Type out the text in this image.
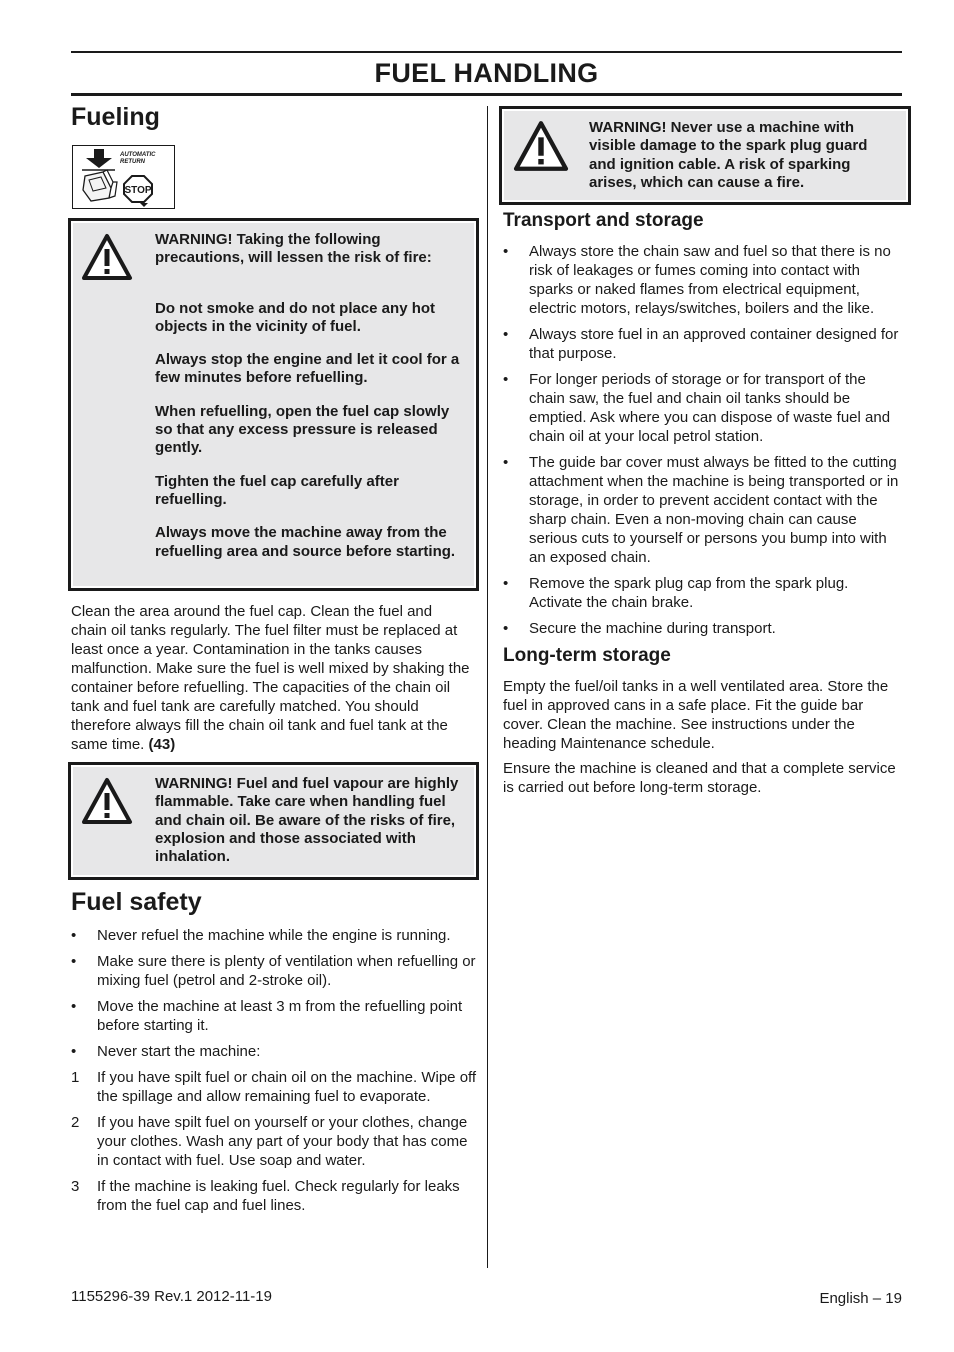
FUEL HANDLING
Fueling
STOP
AUTOMATIC
RETURN

WARNING! Taking the following precautions, will lessen the risk of fire:

Do not smoke and do not place any hot objects in the vicinity of fuel.

Always stop the engine and let it cool for a few minutes before refuelling.

When refuelling, open the fuel cap slowly so that any excess pressure is released gently.

Tighten the fuel cap carefully after refuelling.

Always move the machine away from the refuelling area and source before starting.

Clean the area around the fuel cap. Clean the fuel and chain oil tanks regularly. The fuel filter must be replaced at least once a year. Contamination in the tanks causes malfunction. Make sure the fuel is well mixed by shaking the container before refuelling. The capacities of the chain oil tank and fuel tank are carefully matched. You should therefore always fill the chain oil tank and fuel tank at the same time. (43)

WARNING! Fuel and fuel vapour are highly flammable. Take care when handling fuel and chain oil. Be aware of the risks of fire, explosion and those associated with inhalation.

Fuel safety
• Never refuel the machine while the engine is running.
• Make sure there is plenty of ventilation when refuelling or mixing fuel (petrol and 2-stroke oil).
• Move the machine at least 3 m from the refuelling point before starting it.
• Never start the machine:
1 If you have spilt fuel or chain oil on the machine. Wipe off the spillage and allow remaining fuel to evaporate.
2 If you have spilt fuel on yourself or your clothes, change your clothes. Wash any part of your body that has come in contact with fuel. Use soap and water.
3 If the machine is leaking fuel. Check regularly for leaks from the fuel cap and fuel lines.

WARNING! Never use a machine with visible damage to the spark plug guard and ignition cable. A risk of sparking arises, which can cause a fire.

Transport and storage
• Always store the chain saw and fuel so that there is no risk of leakages or fumes coming into contact with sparks or naked flames from electrical equipment, electric motors, relays/switches, boilers and the like.
• Always store fuel in an approved container designed for that purpose.
• For longer periods of storage or for transport of the chain saw, the fuel and chain oil tanks should be emptied. Ask where you can dispose of waste fuel and chain oil at your local petrol station.
• The guide bar cover must always be fitted to the cutting attachment when the machine is being transported or in storage, in order to prevent accident contact with the sharp chain. Even a non-moving chain can cause serious cuts to yourself or persons you bump into with an exposed chain.
• Remove the spark plug cap from the spark plug. Activate the chain brake.
• Secure the machine during transport.
Long-term storage

Empty the fuel/oil tanks in a well ventilated area. Store the fuel in approved cans in a safe place. Fit the guide bar cover. Clean the machine. See instructions under the heading Maintenance schedule.

Ensure the machine is cleaned and that a complete service is carried out before long-term storage.

1155296-39 Rev.1 2012-11-19	English – 19
